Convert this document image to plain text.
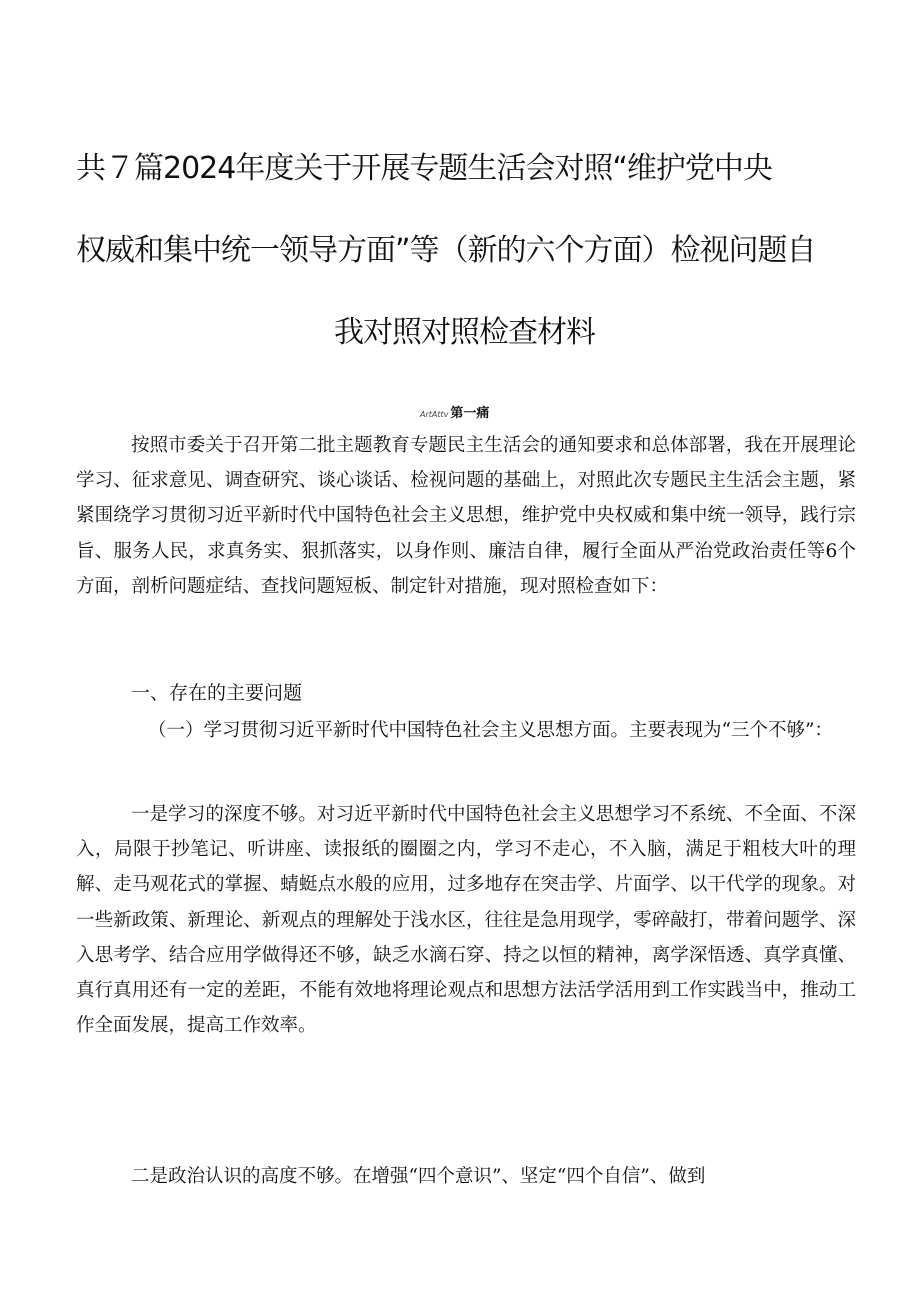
共７篇2024年度关于开展专题生活会对照“维护党中央
权威和集中统一领导方面”等（新的六个方面）检视问题自
我对照对照检查材料
ArtAttv 第一痛
按照市委关于召开第二批主题教育专题民主生活会的通知要求和总体部署，我在开展理论学习、征求意见、调查研究、谈心谈话、检视问题的基础上，对照此次专题民主生活会主题，紧紧围绕学习贯彻习近平新时代中国特色社会主义思想，维护党中央权威和集中统一领导，践行宗旨、服务人民，求真务实、狠抓落实，以身作则、廉洁自律，履行全面从严治党政治责任等6个方面，剖析问题症结、查找问题短板、制定针对措施，现对照检查如下：
一、存在的主要问题
（一）学习贯彻习近平新时代中国特色社会主义思想方面。主要表现为“三个不够”：
一是学习的深度不够。对习近平新时代中国特色社会主义思想学习不系统、不全面、不深入，局限于抄笔记、听讲座、读报纸的圈圈之内，学习不走心，不入脑，满足于粗枝大叶的理解、走马观花式的掌握、蜻蜓点水般的应用，过多地存在突击学、片面学、以干代学的现象。对一些新政策、新理论、新观点的理解处于浅水区，往往是急用现学，零碎敲打，带着问题学、深入思考学、结合应用学做得还不够，缺乏水滴石穿、持之以恒的精神，离学深悟透、真学真懂、真行真用还有一定的差距，不能有效地将理论观点和思想方法活学活用到工作实践当中，推动工作全面发展，提高工作效率。
二是政治认识的高度不够。在增强“四个意识”、坚定“四个自信”、做到
